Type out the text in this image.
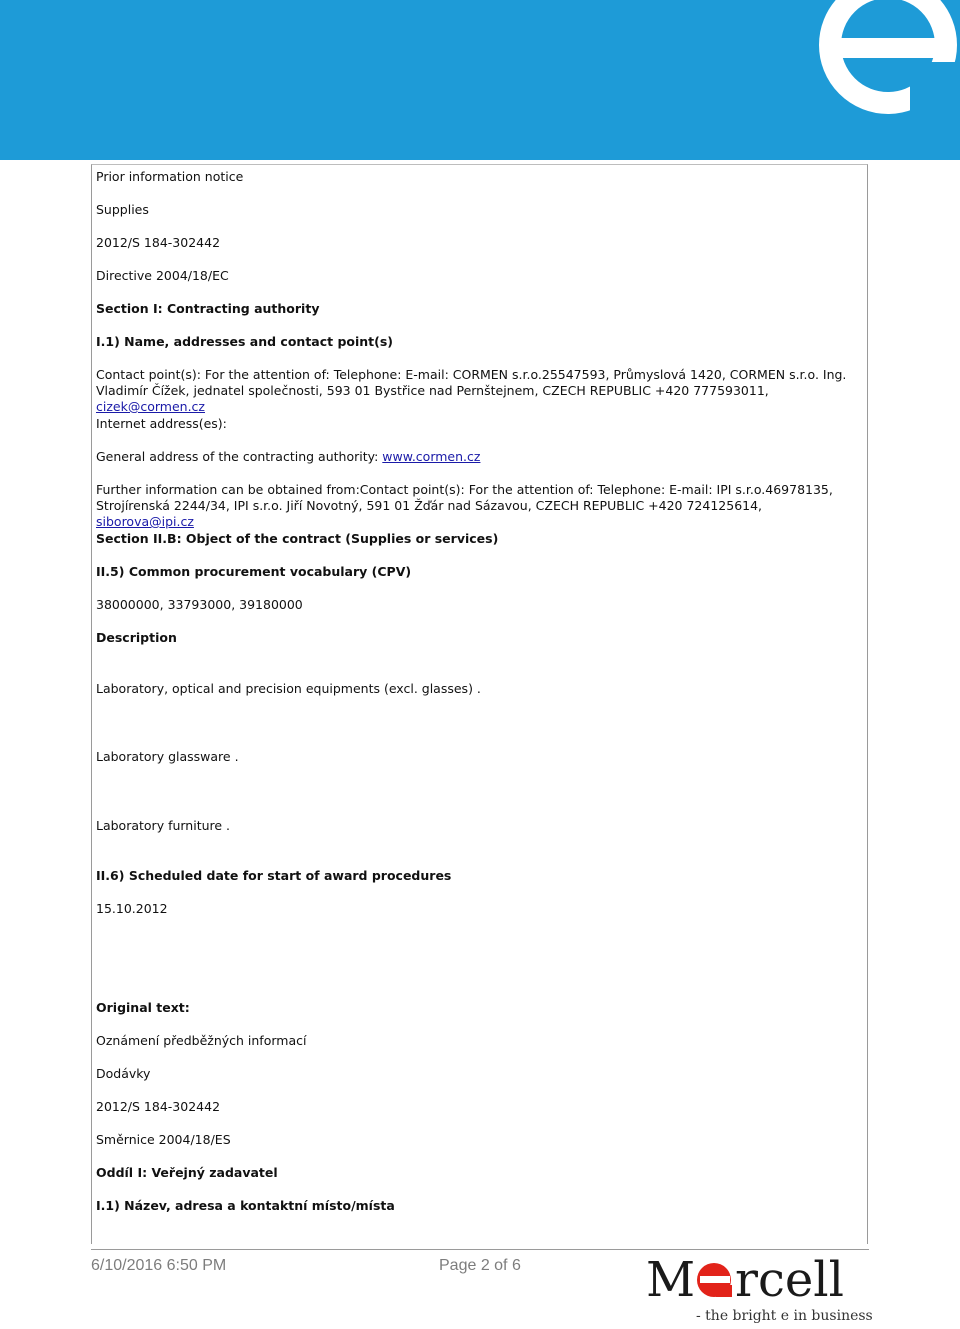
Prior information notice

Supplies

2012/S 184-302442

Directive 2004/18/EC

Section I: Contracting authority

I.1) Name, addresses and contact point(s)

Contact point(s): For the attention of: Telephone: E-mail: CORMEN s.r.o.25547593, Průmyslová 1420, CORMEN s.r.o. Ing.
Vladimír Čížek, jednatel společnosti, 593 01 Bystřice nad Pernštejnem, CZECH REPUBLIC +420 777593011, cizek@cormen.cz

Internet address(es):

General address of the contracting authority: www.cormen.cz

Further information can be obtained from:Contact point(s): For the attention of: Telephone: E-mail: IPI s.r.o.46978135,
Strojírenská 2244/34, IPI s.r.o. Jiří Novotný, 591 01 Žďár nad Sázavou, CZECH REPUBLIC +420 724125614, siborova@ipi.cz

Section II.B: Object of the contract (Supplies or services)

II.5) Common procurement vocabulary (CPV)

38000000, 33793000, 39180000

Description

Laboratory, optical and precision equipments (excl. glasses) .

Laboratory glassware .

Laboratory furniture .

II.6) Scheduled date for start of award procedures

15.10.2012

Original text:

Oznámení předběžných informací

Dodávky

2012/S 184-302442

Směrnice 2004/18/ES

Oddíl I: Veřejný zadavatel

I.1) Název, adresa a kontaktní místo/místa

6/10/2016 6:50 PM	Page 2 of 6	M rcell
- the bright e in business
